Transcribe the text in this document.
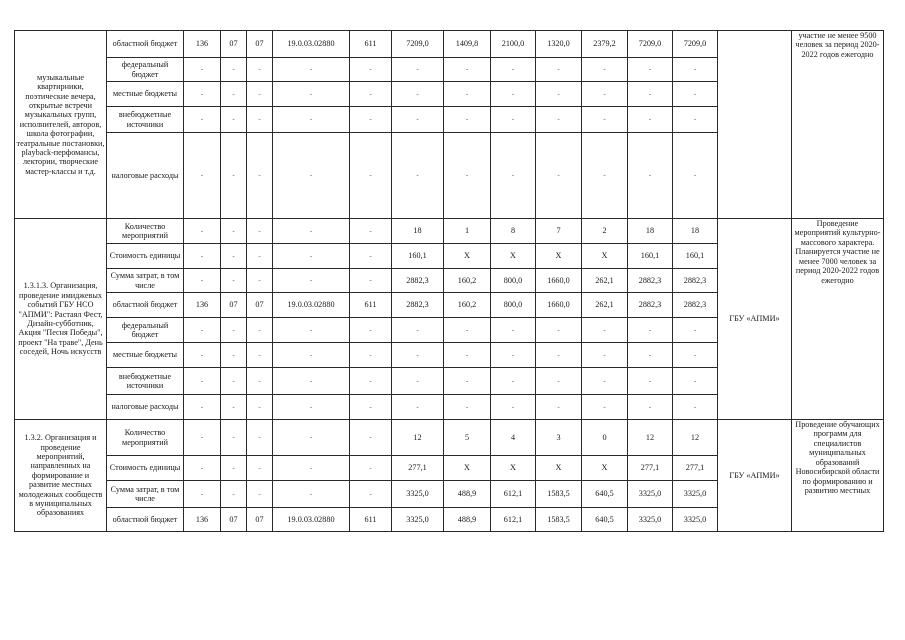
музыкальные квартирники, поэтические вечера, открытые встречи музыкальных групп, исполнителей, авторов, школа фотографии, театральные постановки, playback-перфомансы, лектории, творческие мастер-классы и т.д.	областной бюджет	136	07	07	19.0.03.02880	611	7209,0	1409,8	2100,0	1320,0	2379,2	7209,0	7209,0		участие не менее 9500 человек за период 2020-2022 годов ежегодно
	федеральный бюджет	-	-	-	-	-	-	-	-	-	-	-	-		
	местные бюджеты	-	-	-	-	-	-	-	-	-	-	-	-		
	внебюджетные источники	-	-	-	-	-	-	-	-	-	-	-	-		
	налоговые расходы	-	-	-	-	-	-	-	-	-	-	-	-		
1.3.1.3. Организация, проведение имиджевых событий ГБУ НСО "АПМИ": Растаял Фест, Дизайн-субботник, Акция "Песня Победы", проект "На траве", День соседей, Ночь искусств	Количество мероприятий	-	-	-	-	-	18	1	8	7	2	18	18	ГБУ «АПМИ»	Проведение мероприятий культурно-массового характера. Планируется участие не менее 7000 человек за период 2020-2022 годов ежегодно
	Стоимость единицы	-	-	-	-	-	160,1	X	X	X	X	160,1	160,1		
	Сумма затрат, в том числе	-	-	-	-	-	2882,3	160,2	800,0	1660,0	262,1	2882,3	2882,3		
	областной бюджет	136	07	07	19.0.03.02880	611	2882,3	160,2	800,0	1660,0	262,1	2882,3	2882,3		
	федеральный бюджет	-	-	-	-	-	-	-	-	-	-	-	-		
	местные бюджеты	-	-	-	-	-	-	-	-	-	-	-	-		
	внебюджетные источники	-	-	-	-	-	-	-	-	-	-	-	-		
	налоговые расходы	-	-	-	-	-	-	-	-	-	-	-	-		
1.3.2. Организация и проведение мероприятий, направленных на формирование и развитие местных молодежных сообществ в муниципальных образованиях	Количество мероприятий	-	-	-	-	-	12	5	4	3	0	12	12	ГБУ «АПМИ»	Проведение обучающих программ для специалистов муниципальных образований Новосибирской области по формированию и развитию местных
	Стоимость единицы	-	-	-	-	-	277,1	X	X	X	X	277,1	277,1		
	Сумма затрат, в том числе	-	-	-	-	-	3325,0	488,9	612,1	1583,5	640,5	3325,0	3325,0		
	областной бюджет	136	07	07	19.0.03.02880	611	3325,0	488,9	612,1	1583,5	640,5	3325,0	3325,0		
